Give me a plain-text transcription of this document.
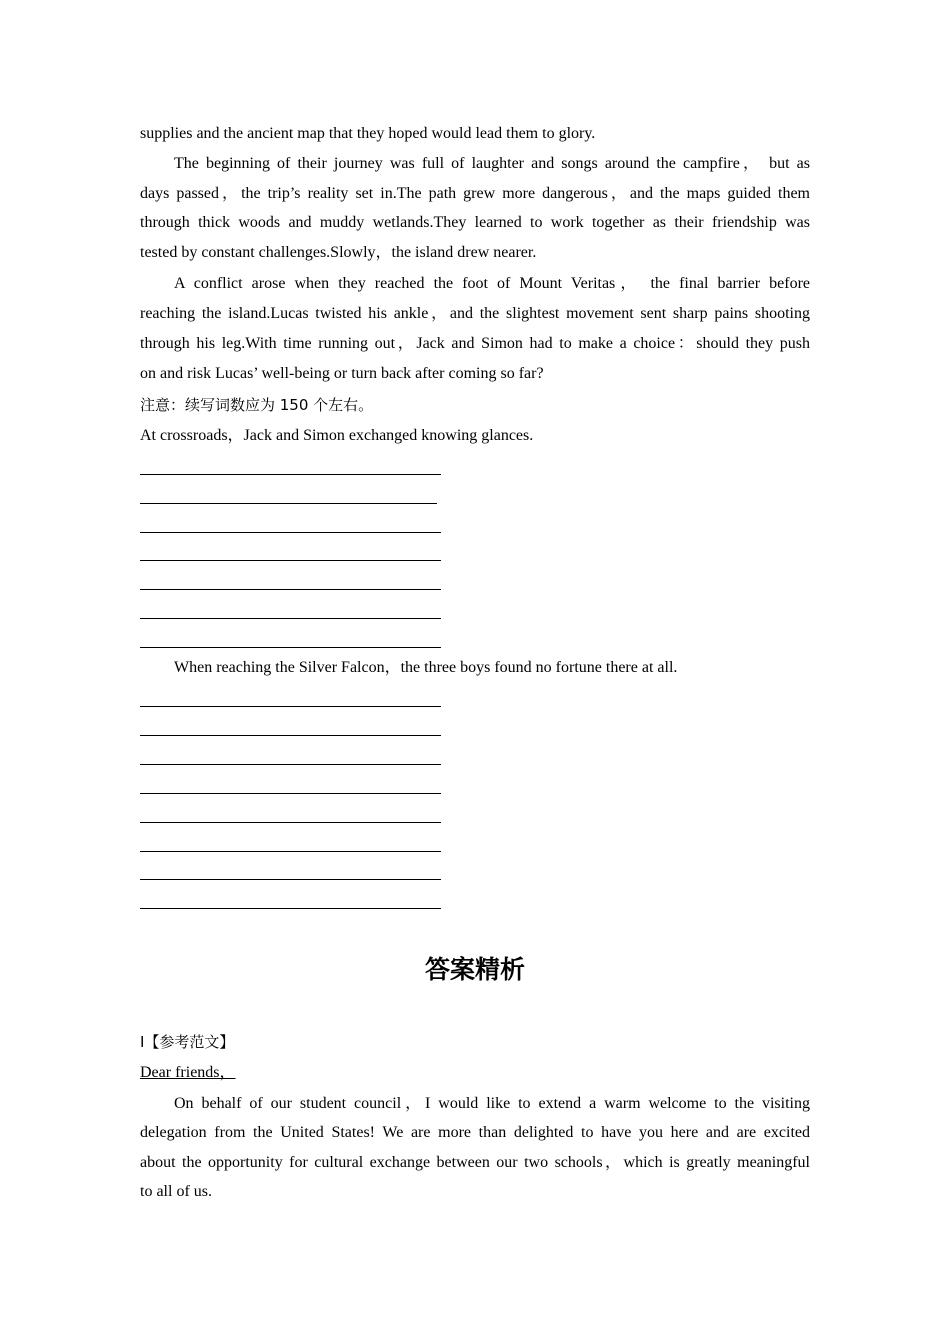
supplies and the ancient map that they hoped would lead them to glory.
The beginning of their journey was full of laughter and songs around the campfire， but as
days passed，the trip’s reality set in.The path grew more dangerous，and the maps guided them
through thick woods and muddy wetlands.They learned to work together as their friendship was
tested by constant challenges.Slowly，the island drew nearer.
A conflict arose when they reached the foot of Mount Veritas， the final barrier before
reaching the island.Lucas twisted his ankle，and the slightest movement sent sharp pains shooting
through his leg.With time running out，Jack and Simon had to make a choice：should they push
on and risk Lucas’ well-being or turn back after coming so far?
注意：续写词数应为 150 个左右。
At crossroads，Jack and Simon exchanged knowing glances.
When reaching the Silver Falcon，the three boys found no fortune there at all.
答案精析
Ⅰ【参考范文】
Dear friends，
On behalf of our student council，I would like to extend a warm welcome to the visiting
delegation from the United States! We are more than delighted to have you here and are excited
about the opportunity for cultural exchange between our two schools，which is greatly meaningful
to all of us.
